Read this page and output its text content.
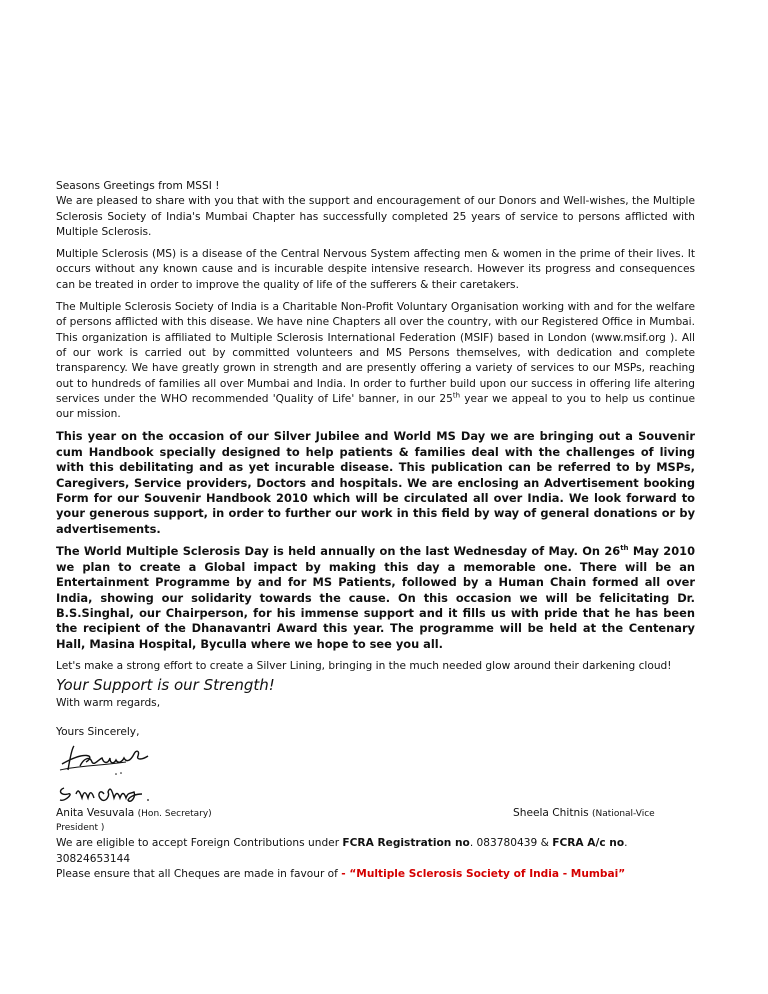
Seasons Greetings from MSSI !

We are pleased to share with you that with the support and encouragement of our Donors and Well-wishes, the Multiple Sclerosis Society of India's Mumbai Chapter has successfully completed 25 years of service to persons afflicted with Multiple Sclerosis.

Multiple Sclerosis (MS) is a disease of the Central Nervous System affecting men & women in the prime of their lives. It occurs without any known cause and is incurable despite intensive research. However its progress and consequences can be treated in order to improve the quality of life of the sufferers & their caretakers.

The Multiple Sclerosis Society of India is a Charitable Non-Profit Voluntary Organisation working with and for the welfare of persons afflicted with this disease. We have nine Chapters all over the country, with our Registered Office in Mumbai. This organization is affiliated to Multiple Sclerosis International Federation (MSIF) based in London (www.msif.org ). All of our work is carried out by committed volunteers and MS Persons themselves, with dedication and complete transparency. We have greatly grown in strength and are presently offering a variety of services to our MSPs, reaching out to hundreds of families all over Mumbai and India. In order to further build upon our success in offering life altering services under the WHO recommended 'Quality of Life' banner, in our 25th year we appeal to you to help us continue our mission.

This year on the occasion of our Silver Jubilee and World MS Day we are bringing out a Souvenir cum Handbook specially designed to help patients & families deal with the challenges of living with this debilitating and as yet incurable disease. This publication can be referred to by MSPs, Caregivers, Service providers, Doctors and hospitals. We are enclosing an Advertisement booking Form for our Souvenir Handbook 2010 which will be circulated all over India. We look forward to your generous support, in order to further our work in this field by way of general donations or by advertisements.

The World Multiple Sclerosis Day is held annually on the last Wednesday of May. On 26th May 2010 we plan to create a Global impact by making this day a memorable one. There will be an Entertainment Programme by and for MS Patients, followed by a Human Chain formed all over India, showing our solidarity towards the cause. On this occasion we will be felicitating Dr. B.S.Singhal, our Chairperson, for his immense support and it fills us with pride that he has been the recipient of the Dhanavantri Award this year. The programme will be held at the Centenary Hall, Masina Hospital, Byculla where we hope to see you all.

Let's make a strong effort to create a Silver Lining, bringing in the much needed glow around their darkening cloud!

Your Support is our Strength!

With warm regards,

Yours Sincerely,

Anita Vesuvala (Hon. Secretary)	Sheela Chitnis (National-Vice

President )

We are eligible to accept Foreign Contributions under FCRA Registration no. 083780439 & FCRA A/c no. 30824653144

Please ensure that all Cheques are made in favour of - “Multiple Sclerosis Society of India - Mumbai”
